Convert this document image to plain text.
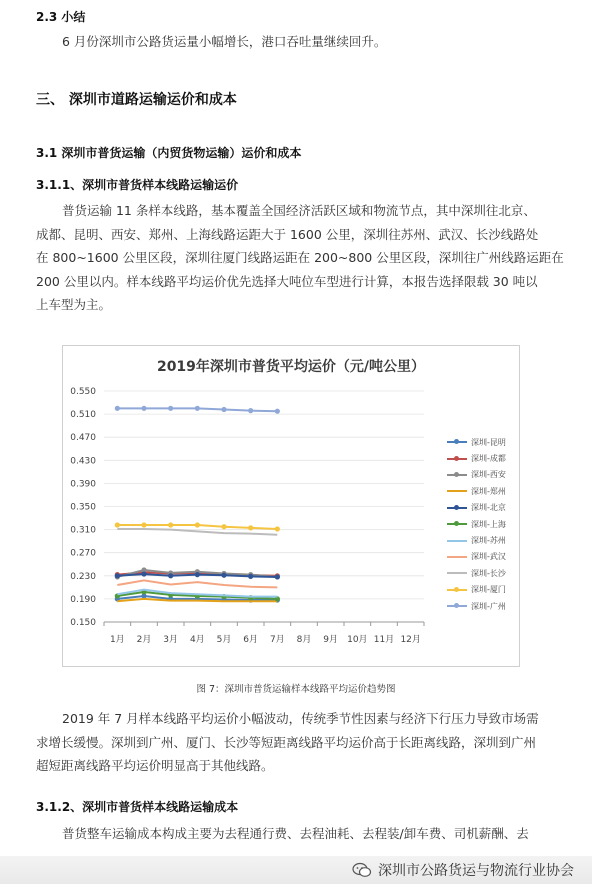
2.3 小结
6 月份深圳市公路货运量小幅增长，港口吞吐量继续回升。
三、 深圳市道路运输运价和成本
3.1 深圳市普货运输（内贸货物运输）运价和成本
3.1.1、深圳市普货样本线路运输运价
普货运输 11 条样本线路，基本覆盖全国经济活跃区域和物流节点，其中深圳往北京、
成都、昆明、西安、郑州、上海线路运距大于 1600 公里，深圳往苏州、武汉、长沙线路处
在 800~1600 公里区段，深圳往厦门线路运距在 200~800 公里区段，深圳往广州线路运距在
200 公里以内。样本线路平均运价优先选择大吨位车型进行计算，本报告选择限载 30 吨以
上车型为主。
2019年深圳市普货平均运价（元/吨公里）
0.550
0.510
0.470
0.430
0.390
0.350
0.310
0.270
0.230
0.190
0.150
1月 2月 3月 4月 5月 6月 7月 8月 9月 10月 11月 12月
深圳-昆明
深圳-成都
深圳-西安
深圳-郑州
深圳-北京
深圳-上海
深圳-苏州
深圳-武汉
深圳-长沙
深圳-厦门
深圳-广州
图 7：深圳市普货运输样本线路平均运价趋势图
2019 年 7 月样本线路平均运价小幅波动，传统季节性因素与经济下行压力导致市场需
求增长缓慢。深圳到广州、厦门、长沙等短距离线路平均运价高于长距离线路，深圳到广州
超短距离线路平均运价明显高于其他线路。
3.1.2、深圳市普货样本线路运输成本
普货整车运输成本构成主要为去程通行费、去程油耗、去程装/卸车费、司机薪酬、去
深圳市公路货运与物流行业协会
